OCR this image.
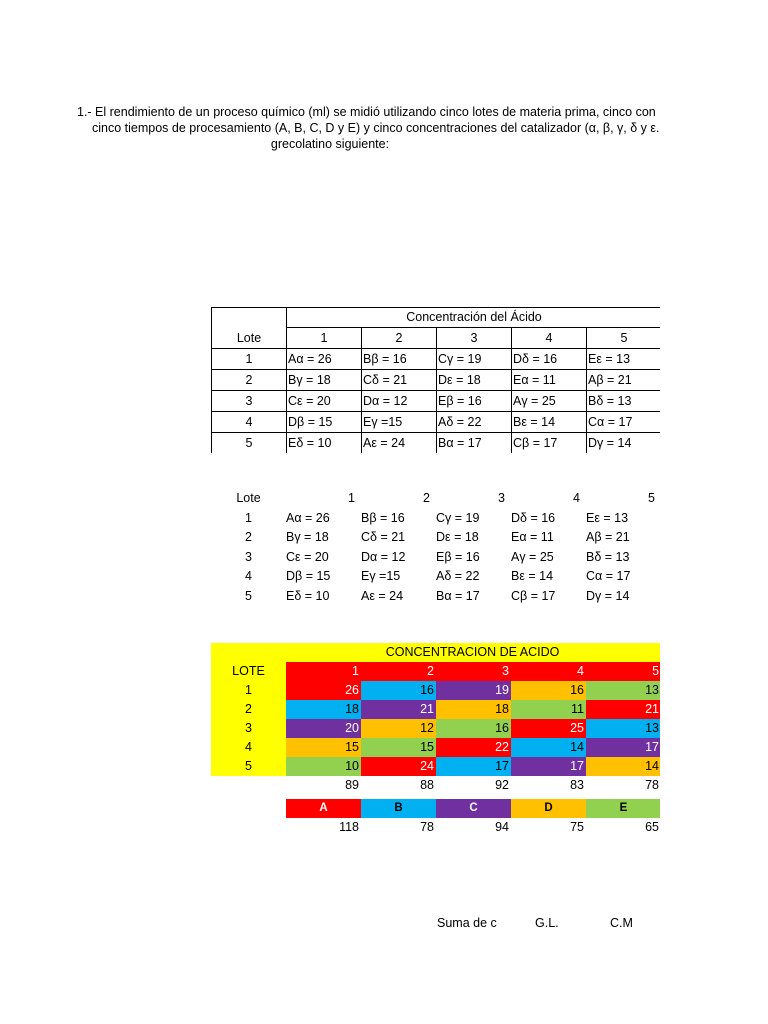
1.- El rendimiento de un proceso químico (ml) se midió utilizando cinco lotes de materia prima, cinco con
cinco tiempos de procesamiento (A, B, C, D y E) y cinco concentraciones del catalizador (α, β, γ, δ y ε.
grecolatino siguiente:
	Concentración del Ácido				
Lote	1	2	3	4	5
1	Aα = 26	Bβ = 16	Cγ = 19	Dδ = 16	Eε = 13
2	Bγ = 18	Cδ = 21	Dε = 18	Eα = 11	Aβ = 21
3	Cε = 20	Dα = 12	Eβ = 16	Aγ = 25	Bδ = 13
4	Dβ = 15	Eγ =15	Aδ = 22	Bε = 14	Cα = 17
5	Eδ = 10	Aε = 24	Bα = 17	Cβ = 17	Dγ = 14
Lote	1	2	3	4	5
1	Aα = 26	Bβ = 16	Cγ = 19	Dδ = 16	Eε = 13
2	Bγ = 18	Cδ = 21	Dε = 18	Eα = 11	Aβ = 21
3	Cε = 20	Dα = 12	Eβ = 16	Aγ = 25	Bδ = 13
4	Dβ = 15	Eγ =15	Aδ = 22	Bε = 14	Cα = 17
5	Eδ = 10	Aε = 24	Bα = 17	Cβ = 17	Dγ = 14
	CONCENTRACION DE ACIDO				
LOTE	1	2	3	4	5
1	26	16	19	16	13
2	18	21	18	11	21
3	20	12	16	25	13
4	15	15	22	14	17
5	10	24	17	17	14
	89	88	92	83	78
	A	B	C	D	E
	118	78	94	75	65
Suma de c	G.L.	C.M
